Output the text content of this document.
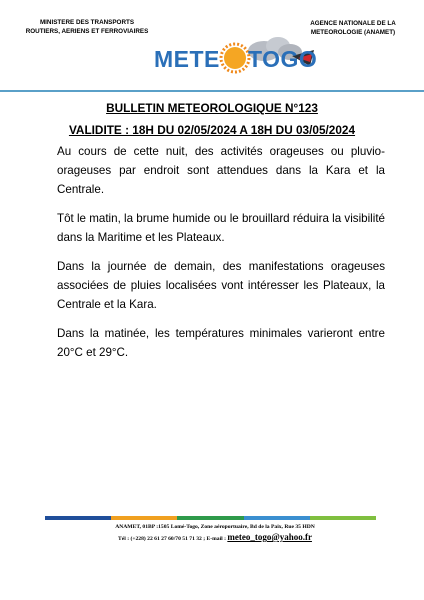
MINISTERE DES TRANSPORTS
ROUTIERS, AERIENS ET FERROVIAIRES
AGENCE NATIONALE DE LA
METEOROLOGIE (ANAMET)
METE TOGO
BULLETIN METEOROLOGIQUE N°123
VALIDITE : 18H DU 02/05/2024 A 18H DU 03/05/2024

Au cours de cette nuit, des activités orageuses ou pluvio-orageuses par endroit sont attendues dans la Kara et la Centrale.

Tôt le matin, la brume humide ou le brouillard réduira la visibilité dans la Maritime et les Plateaux.

Dans la journée de demain, des manifestations orageuses associées de pluies localisées vont intéresser les Plateaux, la Centrale et la Kara.

Dans la matinée, les températures minimales varieront entre 20°C et 29°C.

ANAMET, 01BP :1505 Lomé-Togo, Zone aéroportuaire, Bd de la Paix, Rue 35 HDN
Tél : (+228) 22 61 27 60/70 51 71 32 ; E-mail : meteo_togo@yahoo.fr
